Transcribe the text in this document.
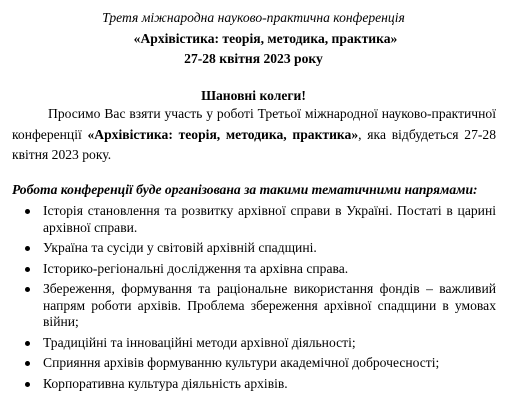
Третя міжнародна науково-практична конференція
«Архівістика: теорія, методика, практика»
27-28 квітня 2023 року
Шановні колеги!
Просимо Вас взяти участь у роботі Третьої міжнародної науково-практичної конференції «Архівістика: теорія, методика, практика», яка відбудеться 27-28 квітня 2023 року.
Робота конференції буде організована за такими тематичними напрямами:
Історія становлення та розвитку архівної справи в Україні. Постаті в царині архівної справи.
Україна та сусіди у світовій архівній спадщині.
Історико-регіональні дослідження та архівна справа.
Збереження, формування та раціональне використання фондів – важливий напрям роботи архівів. Проблема збереження архівної спадщини в умовах війни;
Традиційні та інноваційні методи архівної діяльності;
Сприяння архівів формуванню культури академічної доброчесності;
Корпоративна культура діяльність архівів.
